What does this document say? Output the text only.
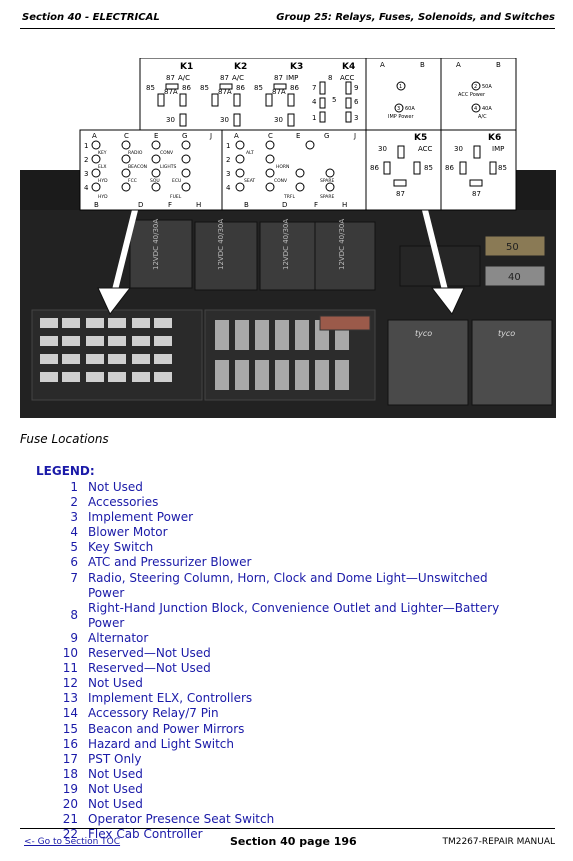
Section 40 - ELECTRICAL	Group 25: Relays, Fuses, Solenoids, and Switches
12VDC 40/30A	12VDC 40/30A	12VDC 40/30A	12VDC 40/30A	50
40
tyco	tyco
K1
87 A/C
87A
85	86
30
K2
87 A/C
87A
85	86
30
K3
87 IMP
87A
85	86
30
K4
8 ACC
7	9
4 5	6
1	3
A	B	A	B
1
3 60A
IMP Power
2 50A
ACC Power
4 40A
A/C
A	C	E	G	J
1
2
3
4
KEY	RADIO	CONV
ELX	BEACON	LIGHTS
HYD	FCC	SOU	ECU
HYD	FUEL
B	D	F	H
A	C	E	G	J
1
2
3
4
ALT
HORN
SEAT	CONV	SPARE
TRFL	SPARE
B	D	F	H
K5
ACC
30
86	85
87
K6
IMP
30
86	85
87
Fuse Locations
LEGEND:
1 Not Used
2 Accessories
3 Implement Power
4 Blower Motor
5 Key Switch
6 ATC and Pressurizer Blower
7 Radio, Steering Column, Horn, Clock and Dome Light—Unswitched Power
8
Right-Hand Junction Block, Convenience Outlet and Lighter—Battery Power
9 Alternator
10 Reserved—Not Used
11 Reserved—Not Used
12 Not Used
13 Implement ELX, Controllers
14 Accessory Relay/7 Pin
15 Beacon and Power Mirrors
16 Hazard and Light Switch
17 PST Only
18 Not Used
19 Not Used
20 Not Used
21 Operator Presence Seat Switch
22 Flex Cab Controller
<- Go to Section TOC	Section 40 page 196	TM2267-REPAIR MANUAL
